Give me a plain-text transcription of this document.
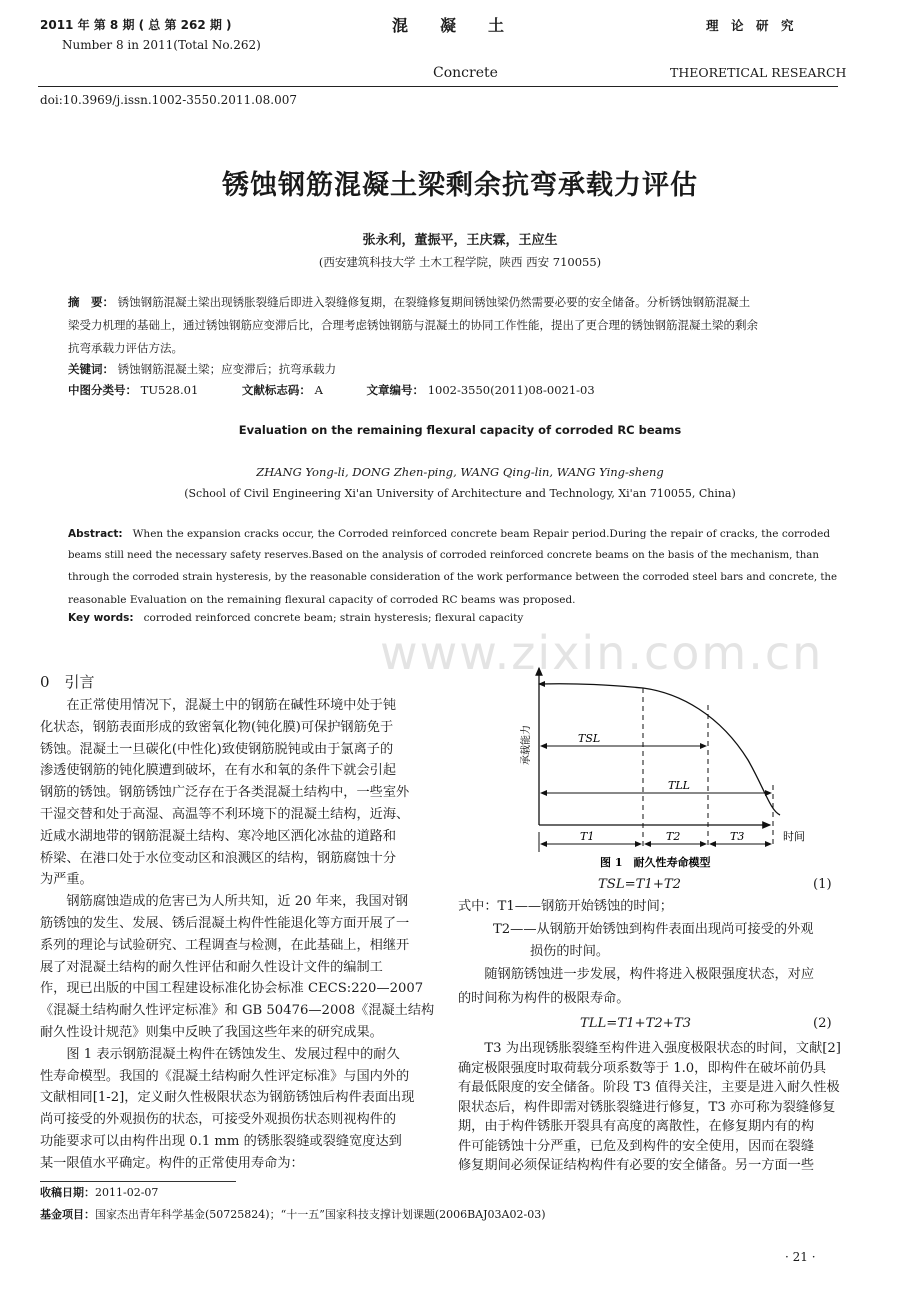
2011 年 第 8 期 ( 总 第 262 期 )
Number 8 in 2011(Total No.262)
混　　凝　　土
Concrete
理　论　研　究
THEORETICAL RESEARCH
doi:10.3969/j.issn.1002-3550.2011.08.007
锈蚀钢筋混凝土梁剩余抗弯承载力评估
张永利，董振平，王庆霖，王应生
(西安建筑科技大学 土木工程学院，陕西 西安 710055)
摘　要： 锈蚀钢筋混凝土梁出现锈胀裂缝后即进入裂缝修复期，在裂缝修复期间锈蚀梁仍然需要必要的安全储备。分析锈蚀钢筋混凝土
梁受力机理的基础上，通过锈蚀钢筋应变滞后比，合理考虑锈蚀钢筋与混凝土的协同工作性能，提出了更合理的锈蚀钢筋混凝土梁的剩余
抗弯承载力评估方法。
关键词： 锈蚀钢筋混凝土梁；应变滞后；抗弯承载力
中图分类号： TU528.01	文献标志码： A	文章编号： 1002-3550(2011)08-0021-03
Evaluation on the remaining flexural capacity of corroded RC beams
ZHANG Yong-li, DONG Zhen-ping, WANG Qing-lin, WANG Ying-sheng
(School of Civil Engineering Xi'an University of Architecture and Technology, Xi'an 710055, China)
Abstract: When the expansion cracks occur, the Corroded reinforced concrete beam Repair period.During the repair of cracks, the corroded
beams still need the necessary safety reserves.Based on the analysis of corroded reinforced concrete beams on the basis of the mechanism, than
through the corroded strain hysteresis, by the reasonable consideration of the work performance between the corroded steel bars and concrete, the
reasonable Evaluation on the remaining flexural capacity of corroded RC beams was proposed.
Key words: corroded reinforced concrete beam; strain hysteresis; flexural capacity
www.zixin.com.cn
0　引言
　　在正常使用情况下，混凝土中的钢筋在碱性环境中处于钝
化状态，钢筋表面形成的致密氧化物(钝化膜)可保护钢筋免于
锈蚀。混凝土一旦碳化(中性化)致使钢筋脱钝或由于氯离子的
渗透使钢筋的钝化膜遭到破坏，在有水和氧的条件下就会引起
钢筋的锈蚀。钢筋锈蚀广泛存在于各类混凝土结构中，一些室外
干湿交替和处于高湿、高温等不利环境下的混凝土结构，近海、
近咸水湖地带的钢筋混凝土结构、寒冷地区洒化冰盐的道路和
桥梁、在港口处于水位变动区和浪溅区的结构，钢筋腐蚀十分
为严重。
　　钢筋腐蚀造成的危害已为人所共知，近 20 年来，我国对钢
筋锈蚀的发生、发展、锈后混凝土构件性能退化等方面开展了一
系列的理论与试验研究、工程调查与检测，在此基础上，相继开
展了对混凝土结构的耐久性评估和耐久性设计文件的编制工
作，现已出版的中国工程建设标准化协会标准 CECS:220—2007
《混凝土结构耐久性评定标准》和 GB 50476—2008《混凝土结构
耐久性设计规范》则集中反映了我国这些年来的研究成果。
　　图 1 表示钢筋混凝土构件在锈蚀发生、发展过程中的耐久
性寿命模型。我国的《混凝土结构耐久性评定标准》与国内外的
文献相同[1-2]，定义耐久性极限状态为钢筋锈蚀后构件表面出现
尚可接受的外观损伤的状态，可接受外观损伤状态则视构件的
功能要求可以由构件出现 0.1 mm 的锈胀裂缝或裂缝宽度达到
某一限值水平确定。构件的正常使用寿命为：
TSL
TLL
T1	T2	T3	时间
承载能力
图 1　耐久性寿命模型
TSL=T1+T2	(1)
式中：T1——钢筋开始锈蚀的时间；
T2——从钢筋开始锈蚀到构件表面出现尚可接受的外观
损伤的时间。
　　随钢筋锈蚀进一步发展，构件将进入极限强度状态，对应
的时间称为构件的极限寿命。
TLL=T1+T2+T3	(2)
　　T3 为出现锈胀裂缝至构件进入强度极限状态的时间，文献[2]
确定极限强度时取荷载分项系数等于 1.0，即构件在破坏前仍具
有最低限度的安全储备。阶段 T3 值得关注，主要是进入耐久性极
限状态后，构件即需对锈胀裂缝进行修复，T3 亦可称为裂缝修复
期，由于构件锈胀开裂具有高度的离散性，在修复期内有的构
件可能锈蚀十分严重，已危及到构件的安全使用，因而在裂缝
修复期间必须保证结构构件有必要的安全储备。另一方面一些
收稿日期：2011-02-07
基金项目：国家杰出青年科学基金(50725824)；“十一五”国家科技支撑计划课题(2006BAJ03A02-03)
· 21 ·
